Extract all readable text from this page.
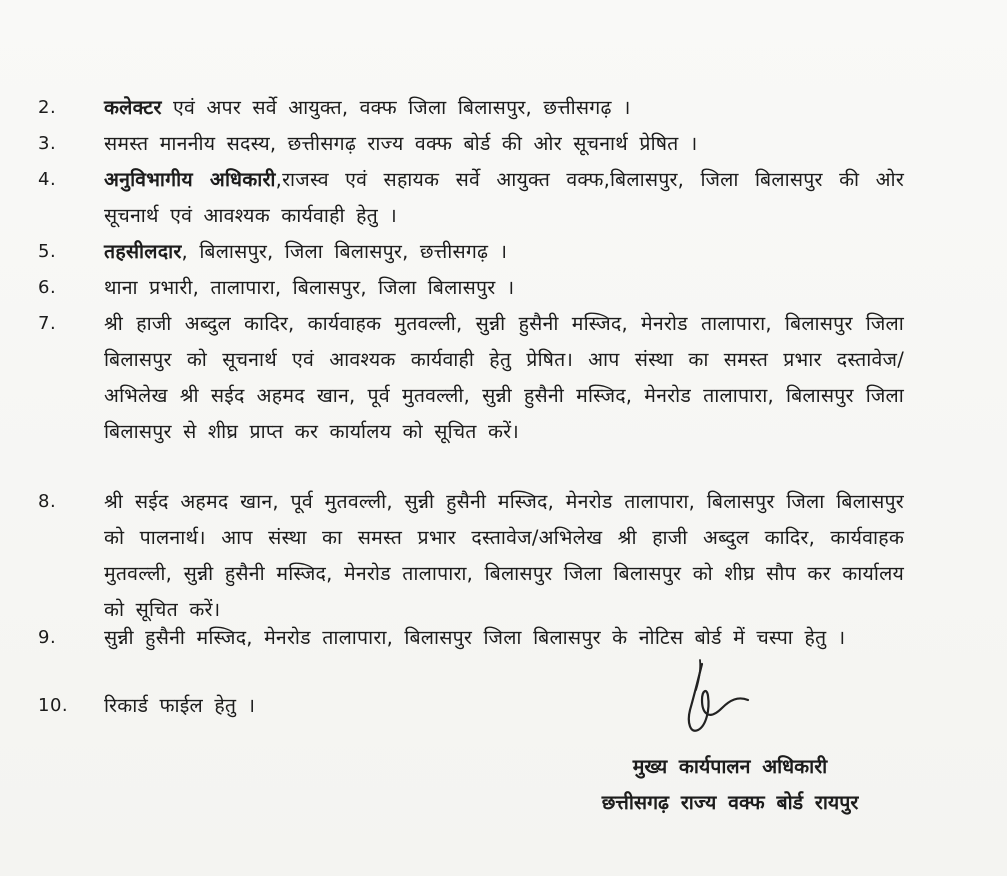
2.	कलेक्टर एवं अपर सर्वे आयुक्त, वक्फ जिला बिलासपुर, छत्तीसगढ़ ।
3.	समस्त माननीय सदस्य, छत्तीसगढ़ राज्य वक्फ बोर्ड की ओर सूचनार्थ प्रेषित ।
4.	अनुविभागीय अधिकारी,राजस्व एवं सहायक सर्वे आयुक्त वक्फ,बिलासपुर, जिला बिलासपुर की ओर सूचनार्थ एवं आवश्यक कार्यवाही हेतु ।
5.	तहसीलदार, बिलासपुर, जिला बिलासपुर, छत्तीसगढ़ ।
6.	थाना प्रभारी, तालापारा, बिलासपुर, जिला बिलासपुर ।
7.	श्री हाजी अब्दुल कादिर, कार्यवाहक मुतवल्ली, सुन्नी हुसैनी मस्जिद, मेनरोड तालापारा, बिलासपुर जिला बिलासपुर को सूचनार्थ एवं आवश्यक कार्यवाही हेतु प्रेषित। आप संस्था का समस्त प्रभार दस्तावेज/अभिलेख श्री सईद अहमद खान, पूर्व मुतवल्ली, सुन्नी हुसैनी मस्जिद, मेनरोड तालापारा, बिलासपुर जिला बिलासपुर से शीघ्र प्राप्त कर कार्यालय को सूचित करें।
8.	श्री सईद अहमद खान, पूर्व मुतवल्ली, सुन्नी हुसैनी मस्जिद, मेनरोड तालापारा, बिलासपुर जिला बिलासपुर को पालनार्थ। आप संस्था का समस्त प्रभार दस्तावेज/अभिलेख श्री हाजी अब्दुल कादिर, कार्यवाहक मुतवल्ली, सुन्नी हुसैनी मस्जिद, मेनरोड तालापारा, बिलासपुर जिला बिलासपुर को शीघ्र सौप कर कार्यालय को सूचित करें।
9.	सुन्नी हुसैनी मस्जिद, मेनरोड तालापारा, बिलासपुर जिला बिलासपुर के नोटिस बोर्ड में चस्पा हेतु ।
10.	रिकार्ड फाईल हेतु ।
मुख्य कार्यपालन अधिकारी
छत्तीसगढ़ राज्य वक्फ बोर्ड रायपुर
